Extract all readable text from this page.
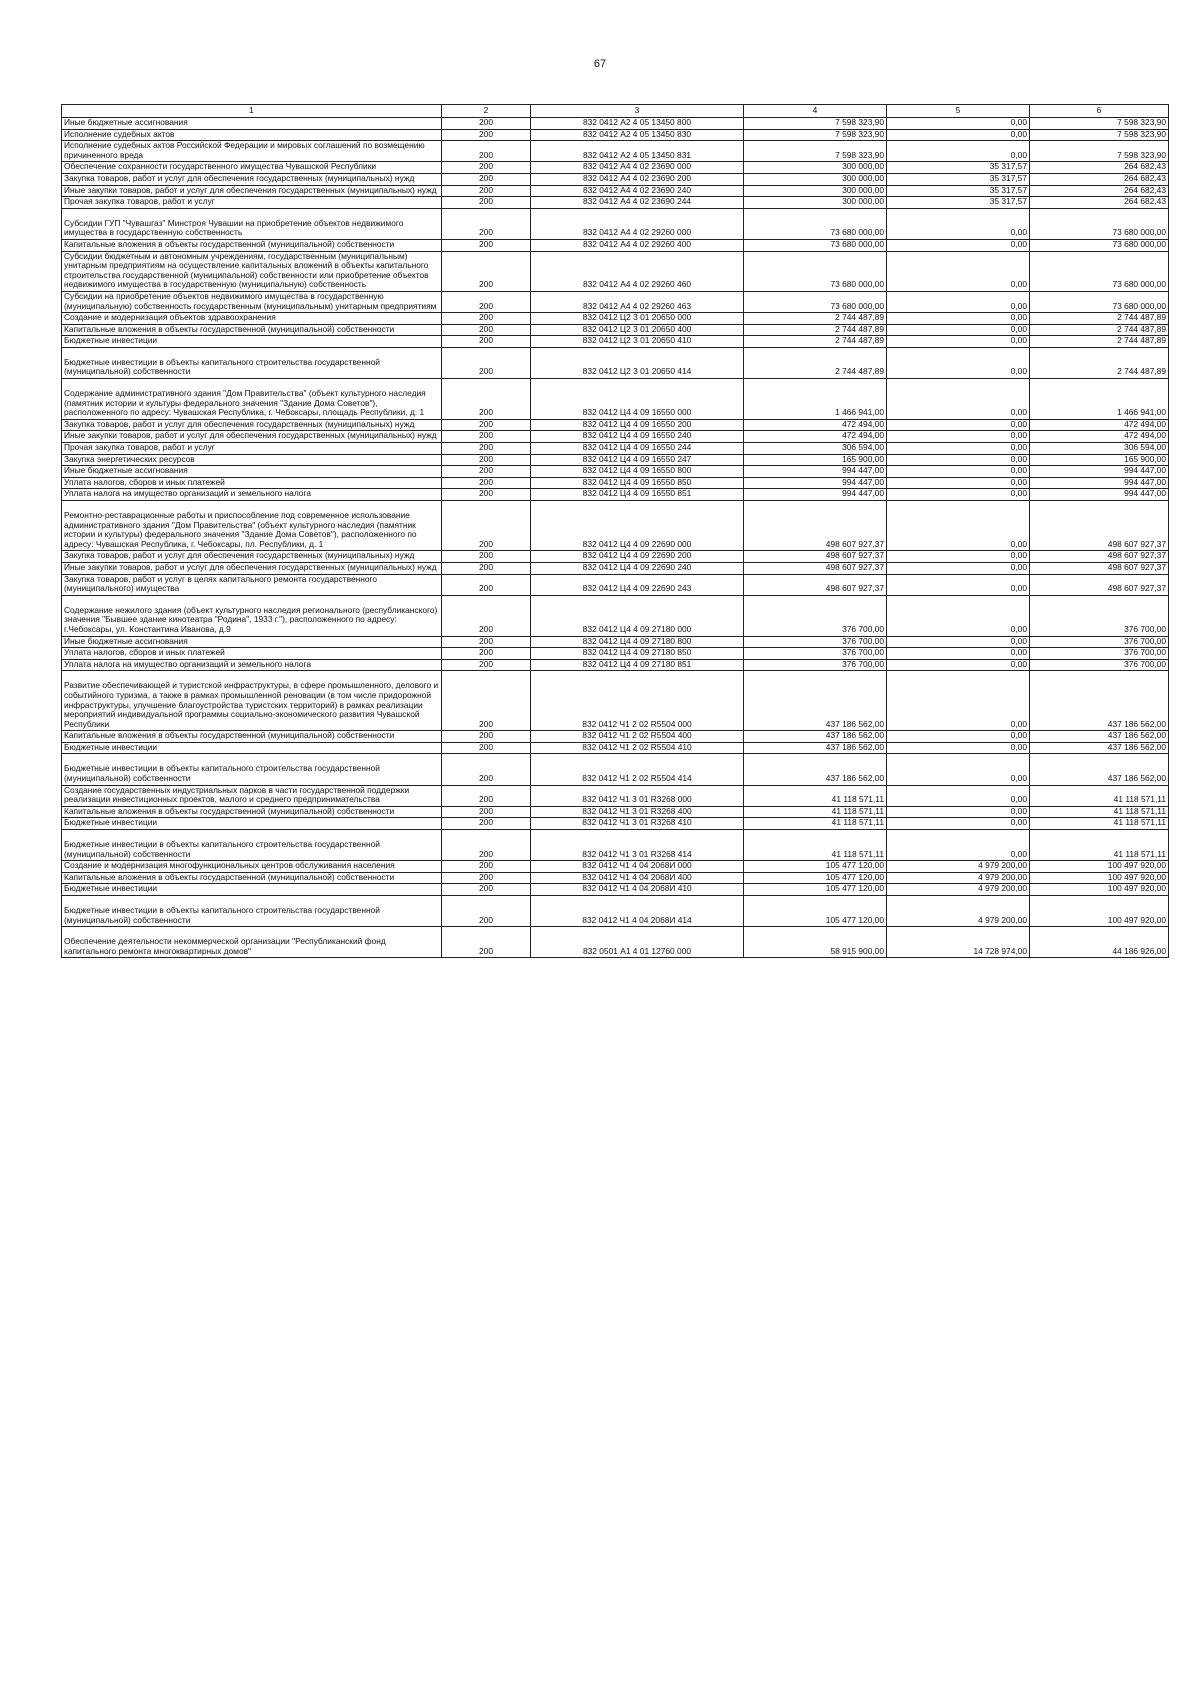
67
1	2	3	4	5	6
Иные бюджетные ассигнования	200	832 0412 А2 4 05 13450 800	7 598 323,90	0,00	7 598 323,90
Исполнение судебных актов	200	832 0412 А2 4 05 13450 830	7 598 323,90	0,00	7 598 323,90
Исполнение судебных актов Российской Федерации и мировых соглашений по возмещению причиненного вреда	200	832 0412 А2 4 05 13450 831	7 598 323,90	0,00	7 598 323,90
Обеспечение сохранности государственного имущества Чувашской Республики	200	832 0412 А4 4 02 23690 000	300 000,00	35 317,57	264 682,43
Закупка товаров, работ и услуг для обеспечения государственных (муниципальных) нужд	200	832 0412 А4 4 02 23690 200	300 000,00	35 317,57	264 682,43
Иные закупки товаров, работ и услуг для обеспечения государственных (муниципальных) нужд	200	832 0412 А4 4 02 23690 240	300 000,00	35 317,57	264 682,43
Прочая закупка товаров, работ и услуг	200	832 0412 А4 4 02 23690 244	300 000,00	35 317,57	264 682,43
Субсидии ГУП "Чувашгаз" Минстроя Чувашии на приобретение объектов недвижимого имущества в государственную собственность	200	832 0412 А4 4 02 29260 000	73 680 000,00	0,00	73 680 000,00
Капитальные вложения в объекты государственной (муниципальной) собственности	200	832 0412 А4 4 02 29260 400	73 680 000,00	0,00	73 680 000,00
Субсидии бюджетным и автономным учреждениям, государственным (муниципальным) унитарным предприятиям на осуществление капитальных вложений в объекты капитального строительства государственной (муниципальной) собственности или приобретение объектов недвижимого имущества в государственную (муниципальную) собственность	200	832 0412 А4 4 02 29260 460	73 680 000,00	0,00	73 680 000,00
Субсидии на приобретение объектов недвижимого имущества в государственную (муниципальную) собственность государственным (муниципальным) унитарным предприятиям	200	832 0412 А4 4 02 29260 463	73 680 000,00	0,00	73 680 000,00
Создание и модернизация объектов здравоохранения	200	832 0412 Ц2 3 01 20650 000	2 744 487,89	0,00	2 744 487,89
Капитальные вложения в объекты государственной (муниципальной) собственности	200	832 0412 Ц2 3 01 20650 400	2 744 487,89	0,00	2 744 487,89
Бюджетные инвестиции	200	832 0412 Ц2 3 01 20650 410	2 744 487,89	0,00	2 744 487,89
Бюджетные инвестиции в объекты капитального строительства государственной (муниципальной) собственности	200	832 0412 Ц2 3 01 20650 414	2 744 487,89	0,00	2 744 487,89
Содержание административного здания "Дом Правительства" (объект культурного наследия (памятник истории и культуры федерального значения "Здание Дома Советов"), расположенного по адресу: Чувашская Республика, г. Чебоксары, площадь Республики, д. 1	200	832 0412 Ц4 4 09 16550 000	1 466 941,00	0,00	1 466 941,00
Закупка товаров, работ и услуг для обеспечения государственных (муниципальных) нужд	200	832 0412 Ц4 4 09 16550 200	472 494,00	0,00	472 494,00
Иные закупки товаров, работ и услуг для обеспечения государственных (муниципальных) нужд	200	832 0412 Ц4 4 09 16550 240	472 494,00	0,00	472 494,00
Прочая закупка товаров, работ и услуг	200	832 0412 Ц4 4 09 16550 244	306 594,00	0,00	306 594,00
Закупка энергетических ресурсов	200	832 0412 Ц4 4 09 16550 247	165 900,00	0,00	165 900,00
Иные бюджетные ассигнования	200	832 0412 Ц4 4 09 16550 800	994 447,00	0,00	994 447,00
Уплата налогов, сборов и иных платежей	200	832 0412 Ц4 4 09 16550 850	994 447,00	0,00	994 447,00
Уплата налога на имущество организаций и земельного налога	200	832 0412 Ц4 4 09 16550 851	994 447,00	0,00	994 447,00
Ремонтно-реставрационные работы и приспособление под современное использование административного здания "Дом Правительства" (объект культурного наследия (памятник истории и культуры) федерального значения "Здание Дома Советов"), расположенного по адресу: Чувашская Республика, г. Чебоксары, пл. Республики, д. 1	200	832 0412 Ц4 4 09 22690 000	498 607 927,37	0,00	498 607 927,37
Закупка товаров, работ и услуг для обеспечения государственных (муниципальных) нужд	200	832 0412 Ц4 4 09 22690 200	498 607 927,37	0,00	498 607 927,37
Иные закупки товаров, работ и услуг для обеспечения государственных (муниципальных) нужд	200	832 0412 Ц4 4 09 22690 240	498 607 927,37	0,00	498 607 927,37
Закупка товаров, работ и услуг в целях капитального ремонта государственного (муниципального) имущества	200	832 0412 Ц4 4 09 22690 243	498 607 927,37	0,00	498 607 927,37
Содержание нежилого здания (объект культурного наследия регионального (республиканского) значения "Бывшее здание кинотеатра "Родина", 1933 г."), расположенного по адресу: г.Чебоксары, ул. Константина Иванова, д.9	200	832 0412 Ц4 4 09 27180 000	376 700,00	0,00	376 700,00
Иные бюджетные ассигнования	200	832 0412 Ц4 4 09 27180 800	376 700,00	0,00	376 700,00
Уплата налогов, сборов и иных платежей	200	832 0412 Ц4 4 09 27180 850	376 700,00	0,00	376 700,00
Уплата налога на имущество организаций и земельного налога	200	832 0412 Ц4 4 09 27180 851	376 700,00	0,00	376 700,00
Развитие обеспечивающей и туристской инфраструктуры, в сфере промышленного, делового и событийного туризма, а также в рамках промышленной реновации (в том числе придорожной инфраструктуры, улучшение благоустройства туристских территорий) в рамках реализации мероприятий индивидуальной программы социально-экономического развития Чувашской Республики	200	832 0412 Ч1 2 02 R5504 000	437 186 562,00	0,00	437 186 562,00
Капитальные вложения в объекты государственной (муниципальной) собственности	200	832 0412 Ч1 2 02 R5504 400	437 186 562,00	0,00	437 186 562,00
Бюджетные инвестиции	200	832 0412 Ч1 2 02 R5504 410	437 186 562,00	0,00	437 186 562,00
Бюджетные инвестиции в объекты капитального строительства государственной (муниципальной) собственности	200	832 0412 Ч1 2 02 R5504 414	437 186 562,00	0,00	437 186 562,00
Создание государственных индустриальных парков в части государственной поддержки реализации инвестиционных проектов, малого и среднего предпринимательства	200	832 0412 Ч1 3 01 R3268 000	41 118 571,11	0,00	41 118 571,11
Капитальные вложения в объекты государственной (муниципальной) собственности	200	832 0412 Ч1 3 01 R3268 400	41 118 571,11	0,00	41 118 571,11
Бюджетные инвестиции	200	832 0412 Ч1 3 01 R3268 410	41 118 571,11	0,00	41 118 571,11
Бюджетные инвестиции в объекты капитального строительства государственной (муниципальной) собственности	200	832 0412 Ч1 3 01 R3268 414	41 118 571,11	0,00	41 118 571,11
Создание и модернизация многофункциональных центров обслуживания населения	200	832 0412 Ч1 4 04 2068И 000	105 477 120,00	4 979 200,00	100 497 920,00
Капитальные вложения в объекты государственной (муниципальной) собственности	200	832 0412 Ч1 4 04 2068И 400	105 477 120,00	4 979 200,00	100 497 920,00
Бюджетные инвестиции	200	832 0412 Ч1 4 04 2068И 410	105 477 120,00	4 979 200,00	100 497 920,00
Бюджетные инвестиции в объекты капитального строительства государственной (муниципальной) собственности	200	832 0412 Ч1 4 04 2068И 414	105 477 120,00	4 979 200,00	100 497 920,00
Обеспечение деятельности некоммерческой организации "Республиканский фонд капитального ремонта многоквартирных домов"	200	832 0501 А1 4 01 12760 000	58 915 900,00	14 728 974,00	44 186 926,00
